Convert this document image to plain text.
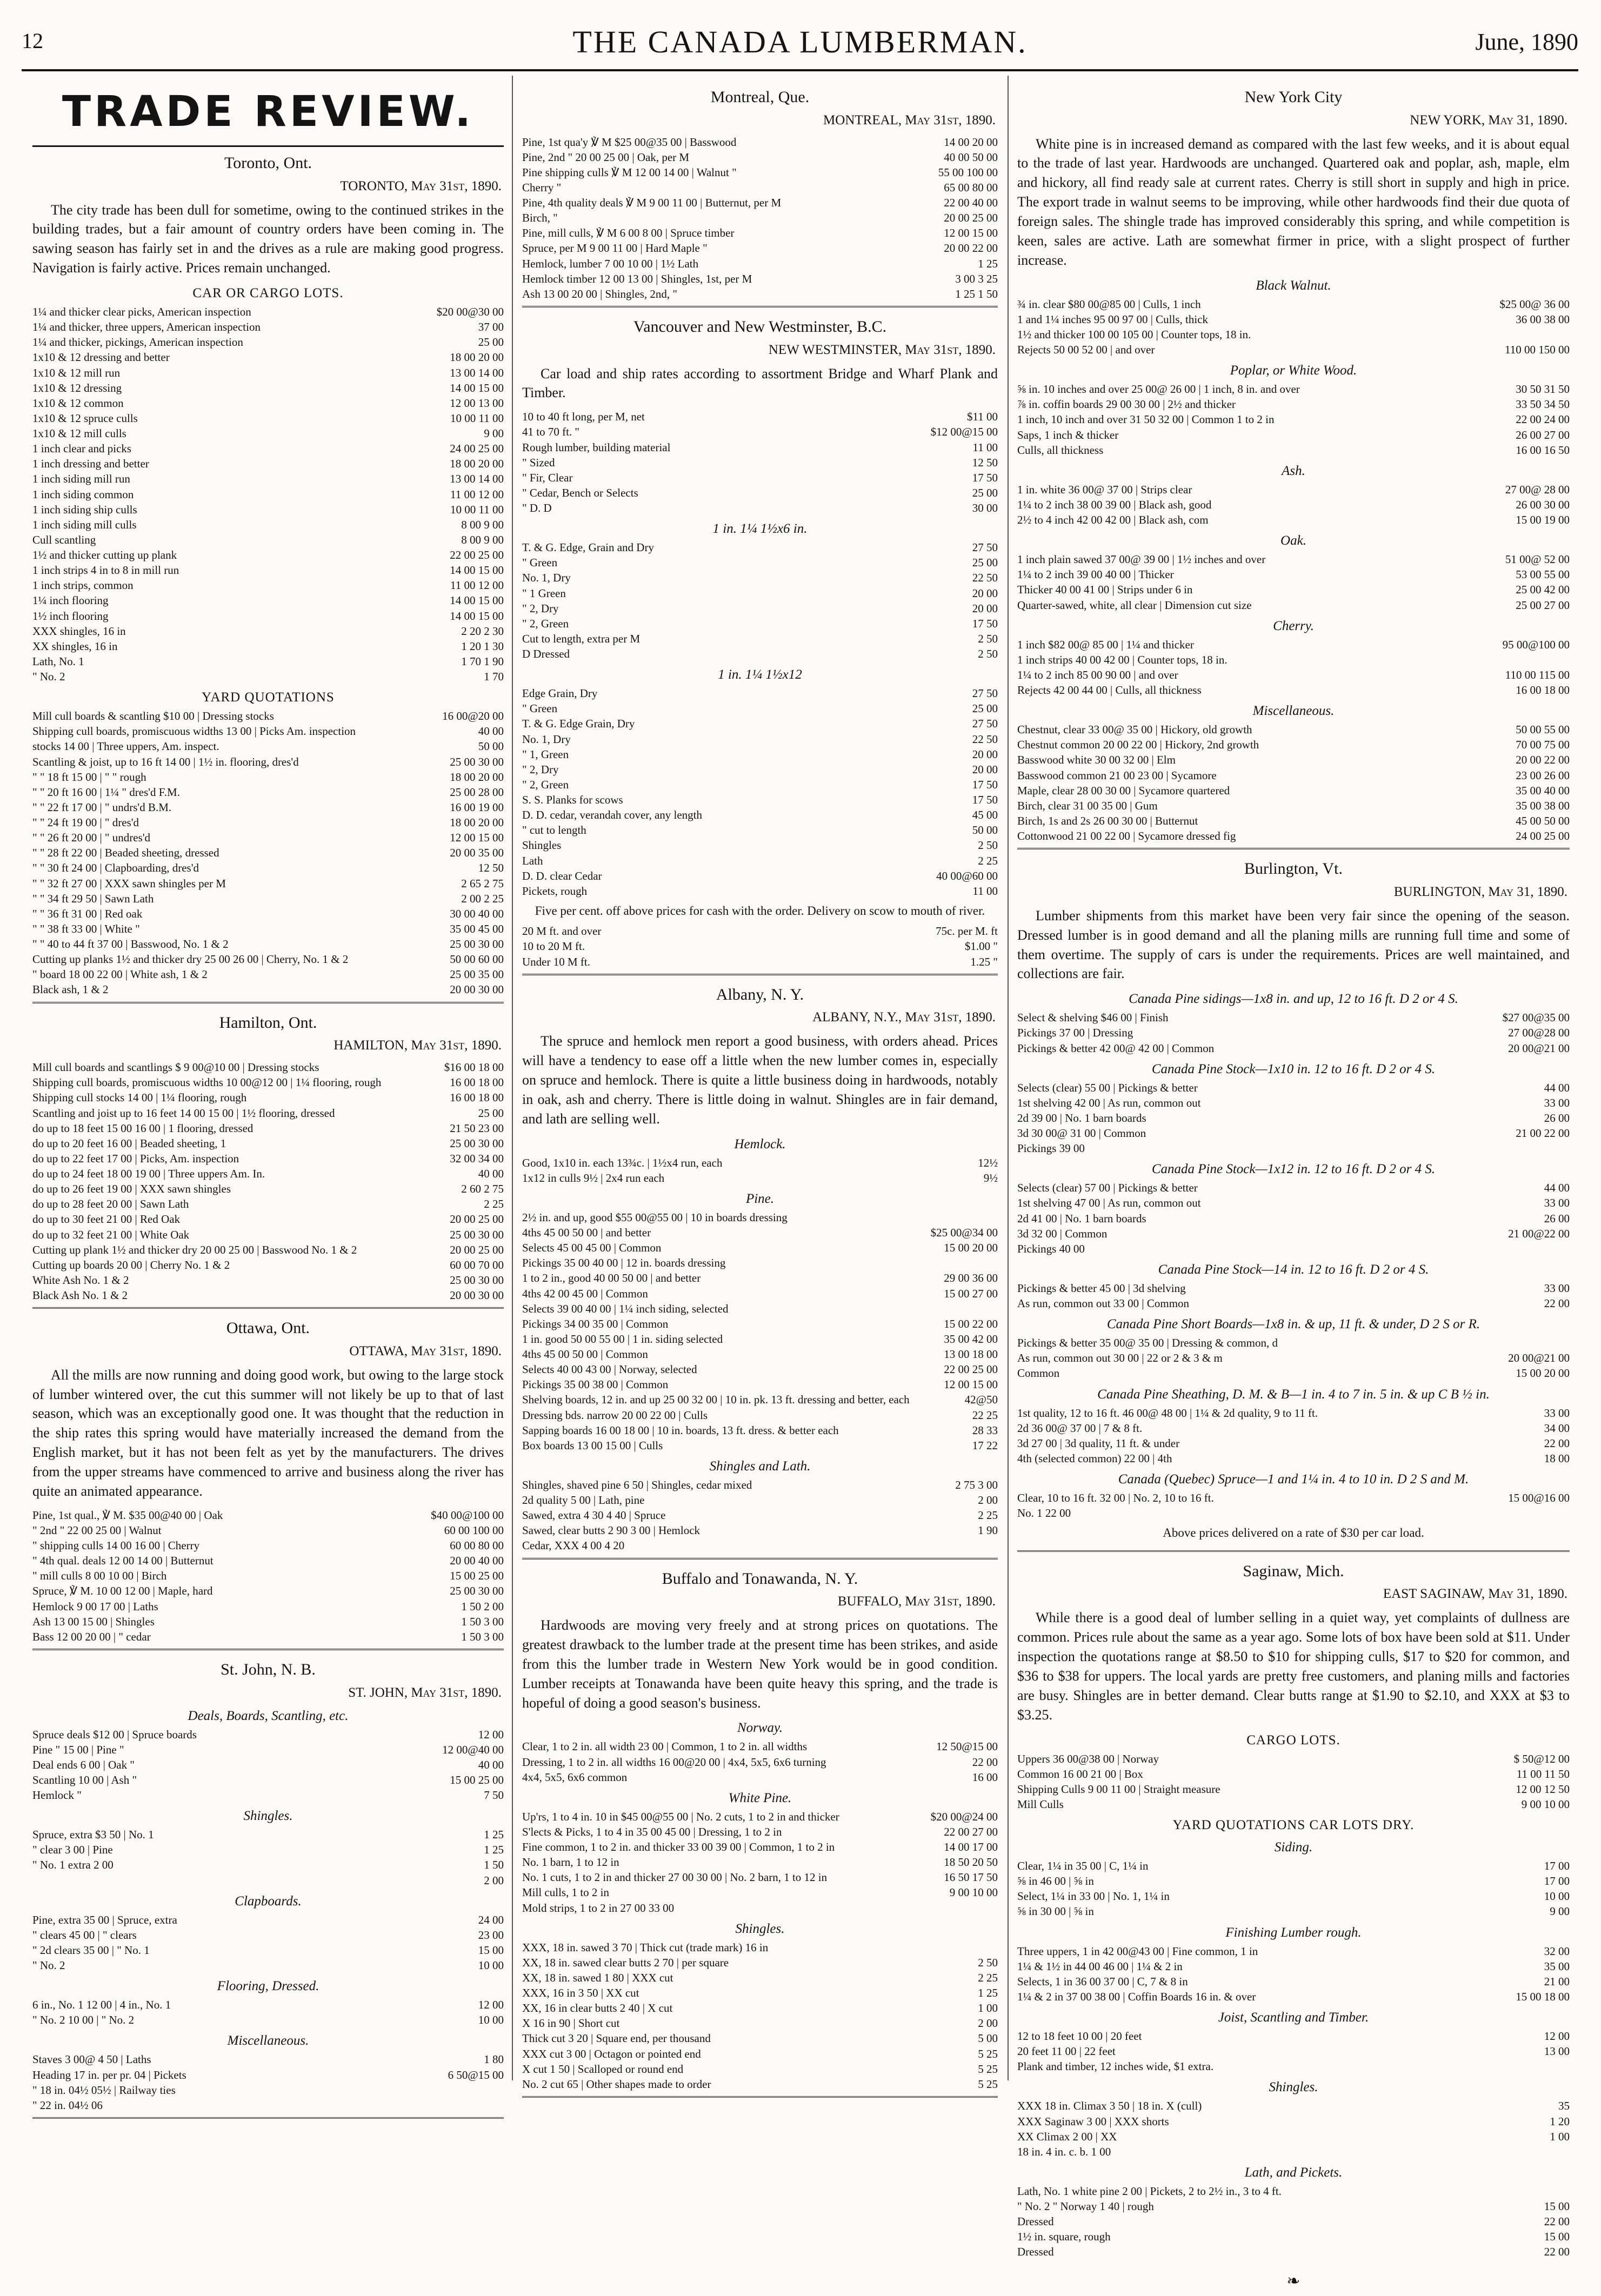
12	THE CANADA LUMBERMAN.	June, 1890
TRADE REVIEW.
Toronto, Ont.
TORONTO, May 31st, 1890.

The city trade has been dull for sometime, owing to the continued strikes in the building trades, but a fair amount of country orders have been coming in. The sawing season has fairly set in and the drives as a rule are making good progress. Navigation is fairly active. Prices remain unchanged.

CAR OR CARGO LOTS.
1¼ and thicker clear picks, American inspection	$20 00@30 00
1¼ and thicker, three uppers, American inspection	37 00
1¼ and thicker, pickings, American inspection	25 00
1x10 & 12 dressing and better	18 00 20 00
1x10 & 12 mill run	13 00 14 00
1x10 & 12 dressing	14 00 15 00
1x10 & 12 common	12 00 13 00
1x10 & 12 spruce culls	10 00 11 00
1x10 & 12 mill culls	9 00
1 inch clear and picks	24 00 25 00
1 inch dressing and better	18 00 20 00
1 inch siding mill run	13 00 14 00
1 inch siding common	11 00 12 00
1 inch siding ship culls	10 00 11 00
1 inch siding mill culls	8 00 9 00
Cull scantling	8 00 9 00
1½ and thicker cutting up plank	22 00 25 00
1 inch strips 4 in to 8 in mill run	14 00 15 00
1 inch strips, common	11 00 12 00
1¼ inch flooring	14 00 15 00
1½ inch flooring	14 00 15 00
XXX shingles, 16 in	2 20 2 30
XX shingles, 16 in	1 20 1 30
Lath, No. 1	1 70 1 90
" No. 2	1 70
YARD QUOTATIONS
Mill cull boards & scantling $10 00 | Dressing stocks	16 00@20 00
Shipping cull boards, promiscuous widths 13 00 | Picks Am. inspection	40 00
stocks 14 00 | Three uppers, Am. inspect.	50 00
Scantling & joist, up to 16 ft 14 00 | 1½ in. flooring, dres'd	25 00 30 00
" " 18 ft 15 00 | " " rough	18 00 20 00
" " 20 ft 16 00 | 1¼ " dres'd F.M.	25 00 28 00
" " 22 ft 17 00 | " undrs'd B.M.	16 00 19 00
" " 24 ft 19 00 | " dres'd	18 00 20 00
" " 26 ft 20 00 | " undres'd	12 00 15 00
" " 28 ft 22 00 | Beaded sheeting, dressed	20 00 35 00
" " 30 ft 24 00 | Clapboarding, dres'd	12 50
" " 32 ft 27 00 | XXX sawn shingles per M	2 65 2 75
" " 34 ft 29 50 | Sawn Lath	2 00 2 25
" " 36 ft 31 00 | Red oak	30 00 40 00
" " 38 ft 33 00 | White "	35 00 45 00
" " 40 to 44 ft 37 00 | Basswood, No. 1 & 2	25 00 30 00
Cutting up planks 1½ and thicker dry 25 00 26 00 | Cherry, No. 1 & 2	50 00 60 00
" board 18 00 22 00 | White ash, 1 & 2	25 00 35 00
Black ash, 1 & 2	20 00 30 00
Hamilton, Ont.
HAMILTON, May 31st, 1890.
Mill cull boards and scantlings $ 9 00@10 00 | Dressing stocks	$16 00 18 00
Shipping cull boards, promiscuous widths 10 00@12 00 | 1¼ flooring, rough	16 00 18 00
Shipping cull stocks 14 00 | 1¼ flooring, rough	16 00 18 00
Scantling and joist up to 16 feet 14 00 15 00 | 1½ flooring, dressed	25 00
do up to 18 feet 15 00 16 00 | 1 flooring, dressed	21 50 23 00
do up to 20 feet 16 00 | Beaded sheeting, 1	25 00 30 00
do up to 22 feet 17 00 | Picks, Am. inspection	32 00 34 00
do up to 24 feet 18 00 19 00 | Three uppers Am. In.	40 00
do up to 26 feet 19 00 | XXX sawn shingles	2 60 2 75
do up to 28 feet 20 00 | Sawn Lath	2 25
do up to 30 feet 21 00 | Red Oak	20 00 25 00
do up to 32 feet 21 00 | White Oak	25 00 30 00
Cutting up plank 1½ and thicker dry 20 00 25 00 | Basswood No. 1 & 2	20 00 25 00
Cutting up boards 20 00 | Cherry No. 1 & 2	60 00 70 00
White Ash No. 1 & 2	25 00 30 00
Black Ash No. 1 & 2	20 00 30 00
Ottawa, Ont.
OTTAWA, May 31st, 1890.

All the mills are now running and doing good work, but owing to the large stock of lumber wintered over, the cut this summer will not likely be up to that of last season, which was an exceptionally good one. It was thought that the reduction in the ship rates this spring would have materially increased the demand from the English market, but it has not been felt as yet by the manufacturers. The drives from the upper streams have commenced to arrive and business along the river has quite an animated appearance.

Pine, 1st qual., ℣ M. $35 00@40 00 | Oak	$40 00@100 00
" 2nd " 22 00 25 00 | Walnut	60 00 100 00
" shipping culls 14 00 16 00 | Cherry	60 00 80 00
" 4th qual. deals 12 00 14 00 | Butternut	20 00 40 00
" mill culls 8 00 10 00 | Birch	15 00 25 00
Spruce, ℣ M. 10 00 12 00 | Maple, hard	25 00 30 00
Hemlock 9 00 17 00 | Laths	1 50 2 00
Ash 13 00 15 00 | Shingles	1 50 3 00
Bass 12 00 20 00 | " cedar	1 50 3 00
St. John, N. B.
ST. JOHN, May 31st, 1890.
Deals, Boards, Scantling, etc.
Spruce deals $12 00 | Spruce boards	12 00
Pine " 15 00 | Pine "	12 00@40 00
Deal ends 6 00 | Oak "	40 00
Scantling 10 00 | Ash "	15 00 25 00
Hemlock "	7 50
Shingles.
Spruce, extra $3 50 | No. 1	1 25
" clear 3 00 | Pine	1 25
" No. 1 extra 2 00	1 50
2 00
Clapboards.
Pine, extra 35 00 | Spruce, extra	24 00
" clears 45 00 | " clears	23 00
" 2d clears 35 00 | " No. 1	15 00
" No. 2	10 00
Flooring, Dressed.
6 in., No. 1 12 00 | 4 in., No. 1	12 00
" No. 2 10 00 | " No. 2	10 00
Miscellaneous.
Staves 3 00@ 4 50 | Laths	1 80
Heading 17 in. per pr. 04 | Pickets	6 50@15 00
" 18 in. 04½ 05½ | Railway ties
" 22 in. 04½ 06
Montreal, Que.
MONTREAL, May 31st, 1890.
Pine, 1st qua'y ℣ M $25 00@35 00 | Basswood	14 00 20 00
Pine, 2nd " 20 00 25 00 | Oak, per M	40 00 50 00
Pine shipping culls ℣ M 12 00 14 00 | Walnut "	55 00 100 00
Cherry "	65 00 80 00
Pine, 4th quality deals ℣ M 9 00 11 00 | Butternut, per M	22 00 40 00
Birch, "	20 00 25 00
Pine, mill culls, ℣ M 6 00 8 00 | Spruce timber	12 00 15 00
Spruce, per M 9 00 11 00 | Hard Maple "	20 00 22 00
Hemlock, lumber 7 00 10 00 | 1½ Lath	1 25
Hemlock timber 12 00 13 00 | Shingles, 1st, per M	3 00 3 25
Ash 13 00 20 00 | Shingles, 2nd, "	1 25 1 50
Vancouver and New Westminster, B.C.
NEW WESTMINSTER, May 31st, 1890.

Car load and ship rates according to assortment Bridge and Wharf Plank and Timber.

10 to 40 ft long, per M, net	$11 00
41 to 70 ft. "	$12 00@15 00
Rough lumber, building material	11 00
" Sized	12 50
" Fir, Clear	17 50
" Cedar, Bench or Selects	25 00
" D. D	30 00
1 in. 1¼ 1½x6 in.
T. & G. Edge, Grain and Dry	27 50
" Green	25 00
No. 1, Dry	22 50
" 1 Green	20 00
" 2, Dry	20 00
" 2, Green	17 50
Cut to length, extra per M	2 50
D Dressed	2 50
1 in. 1¼ 1½x12
Edge Grain, Dry	27 50
" Green	25 00
T. & G. Edge Grain, Dry	27 50
No. 1, Dry	22 50
" 1, Green	20 00
" 2, Dry	20 00
" 2, Green	17 50
S. S. Planks for scows	17 50
D. D. cedar, verandah cover, any length	45 00
" cut to length	50 00
Shingles	2 50
Lath	2 25
D. D. clear Cedar	40 00@60 00
Pickets, rough	11 00
Five per cent. off above prices for cash with the order. Delivery on scow to mouth of river.
20 M ft. and over	75c. per M. ft
10 to 20 M ft.	$1.00 "
Under 10 M ft.	1.25 "
Albany, N. Y.
ALBANY, N.Y., May 31st, 1890.

The spruce and hemlock men report a good business, with orders ahead. Prices will have a tendency to ease off a little when the new lumber comes in, especially on spruce and hemlock. There is quite a little business doing in hardwoods, notably in oak, ash and cherry. There is little doing in walnut. Shingles are in fair demand, and lath are selling well.

Hemlock.
Good, 1x10 in. each 13¾c. | 1½x4 run, each	12½
1x12 in culls 9½ | 2x4 run each	9½
Pine.
2½ in. and up, good $55 00@55 00 | 10 in boards dressing
4ths 45 00 50 00 | and better	$25 00@34 00
Selects 45 00 45 00 | Common	15 00 20 00
Pickings 35 00 40 00 | 12 in. boards dressing
1 to 2 in., good 40 00 50 00 | and better	29 00 36 00
4ths 42 00 45 00 | Common	15 00 27 00
Selects 39 00 40 00 | 1¼ inch siding, selected
Pickings 34 00 35 00 | Common	15 00 22 00
1 in. good 50 00 55 00 | 1 in. siding selected	35 00 42 00
4ths 45 00 50 00 | Common	13 00 18 00
Selects 40 00 43 00 | Norway, selected	22 00 25 00
Pickings 35 00 38 00 | Common	12 00 15 00
Shelving boards, 12 in. and up 25 00 32 00 | 10 in. pk. 13 ft. dressing and better, each	42@50
Dressing bds. narrow 20 00 22 00 | Culls	22 25
Sapping boards 16 00 18 00 | 10 in. boards, 13 ft. dress. & better each	28 33
Box boards 13 00 15 00 | Culls	17 22
Shingles and Lath.
Shingles, shaved pine 6 50 | Shingles, cedar mixed	2 75 3 00
2d quality 5 00 | Lath, pine	2 00
Sawed, extra 4 30 4 40 | Spruce	2 25
Sawed, clear butts 2 90 3 00 | Hemlock	1 90
Cedar, XXX 4 00 4 20
Buffalo and Tonawanda, N. Y.
BUFFALO, May 31st, 1890.

Hardwoods are moving very freely and at strong prices on quotations. The greatest drawback to the lumber trade at the present time has been strikes, and aside from this the lumber trade in Western New York would be in good condition. Lumber receipts at Tonawanda have been quite heavy this spring, and the trade is hopeful of doing a good season's business.

Norway.
Clear, 1 to 2 in. all width 23 00 | Common, 1 to 2 in. all widths	12 50@15 00
Dressing, 1 to 2 in. all widths 16 00@20 00 | 4x4, 5x5, 6x6 turning	22 00
4x4, 5x5, 6x6 common	16 00
White Pine.
Up'rs, 1 to 4 in. 10 in $45 00@55 00 | No. 2 cuts, 1 to 2 in and thicker	$20 00@24 00
S'lects & Picks, 1 to 4 in 35 00 45 00 | Dressing, 1 to 2 in	22 00 27 00
Fine common, 1 to 2 in. and thicker 33 00 39 00 | Common, 1 to 2 in	14 00 17 00
No. 1 barn, 1 to 12 in	18 50 20 50
No. 1 cuts, 1 to 2 in and thicker 27 00 30 00 | No. 2 barn, 1 to 12 in	16 50 17 50
Mill culls, 1 to 2 in	9 00 10 00
Mold strips, 1 to 2 in 27 00 33 00
Shingles.
XXX, 18 in. sawed 3 70 | Thick cut (trade mark) 16 in
XX, 18 in. sawed clear butts 2 70 | per square	2 50
XX, 18 in. sawed 1 80 | XXX cut	2 25
XXX, 16 in 3 50 | XX cut	1 25
XX, 16 in clear butts 2 40 | X cut	1 00
X 16 in 90 | Short cut	2 00
Thick cut 3 20 | Square end, per thousand	5 00
XXX cut 3 00 | Octagon or pointed end	5 25
X cut 1 50 | Scalloped or round end	5 25
No. 2 cut 65 | Other shapes made to order	5 25
New York City
NEW YORK, May 31, 1890.

White pine is in increased demand as compared with the last few weeks, and it is about equal to the trade of last year. Hardwoods are unchanged. Quartered oak and poplar, ash, maple, elm and hickory, all find ready sale at current rates. Cherry is still short in supply and high in price. The export trade in walnut seems to be improving, while other hardwoods find their due quota of foreign sales. The shingle trade has improved considerably this spring, and while competition is keen, sales are active. Lath are somewhat firmer in price, with a slight prospect of further increase.

Black Walnut.
¾ in. clear $80 00@85 00 | Culls, 1 inch	$25 00@ 36 00
1 and 1¼ inches 95 00 97 00 | Culls, thick	36 00 38 00
1½ and thicker 100 00 105 00 | Counter tops, 18 in.
Rejects 50 00 52 00 | and over	110 00 150 00
Poplar, or White Wood.
⅝ in. 10 inches and over 25 00@ 26 00 | 1 inch, 8 in. and over	30 50 31 50
⅞ in. coffin boards 29 00 30 00 | 2½ and thicker	33 50 34 50
1 inch, 10 inch and over 31 50 32 00 | Common 1 to 2 in	22 00 24 00
Saps, 1 inch & thicker	26 00 27 00
Culls, all thickness	16 00 16 50
Ash.
1 in. white 36 00@ 37 00 | Strips clear	27 00@ 28 00
1¼ to 2 inch 38 00 39 00 | Black ash, good	26 00 30 00
2½ to 4 inch 42 00 42 00 | Black ash, com	15 00 19 00
Oak.
1 inch plain sawed 37 00@ 39 00 | 1½ inches and over	51 00@ 52 00
1¼ to 2 inch 39 00 40 00 | Thicker	53 00 55 00
Thicker 40 00 41 00 | Strips under 6 in	25 00 42 00
Quarter-sawed, white, all clear | Dimension cut size	25 00 27 00
Cherry.
1 inch $82 00@ 85 00 | 1¼ and thicker	95 00@100 00
1 inch strips 40 00 42 00 | Counter tops, 18 in.
1¼ to 2 inch 85 00 90 00 | and over	110 00 115 00
Rejects 42 00 44 00 | Culls, all thickness	16 00 18 00
Miscellaneous.
Chestnut, clear 33 00@ 35 00 | Hickory, old growth	50 00 55 00
Chestnut common 20 00 22 00 | Hickory, 2nd growth	70 00 75 00
Basswood white 30 00 32 00 | Elm	20 00 22 00
Basswood common 21 00 23 00 | Sycamore	23 00 26 00
Maple, clear 28 00 30 00 | Sycamore quartered	35 00 40 00
Birch, clear 31 00 35 00 | Gum	35 00 38 00
Birch, 1s and 2s 26 00 30 00 | Butternut	45 00 50 00
Cottonwood 21 00 22 00 | Sycamore dressed fig	24 00 25 00
Burlington, Vt.
BURLINGTON, May 31, 1890.

Lumber shipments from this market have been very fair since the opening of the season. Dressed lumber is in good demand and all the planing mills are running full time and some of them overtime. The supply of cars is under the requirements. Prices are well maintained, and collections are fair.

Canada Pine sidings—1x8 in. and up, 12 to 16 ft. D 2 or 4 S.
Select & shelving $46 00 | Finish	$27 00@35 00
Pickings 37 00 | Dressing	27 00@28 00
Pickings & better 42 00@ 42 00 | Common	20 00@21 00
Canada Pine Stock—1x10 in. 12 to 16 ft. D 2 or 4 S.
Selects (clear) 55 00 | Pickings & better	44 00
1st shelving 42 00 | As run, common out	33 00
2d 39 00 | No. 1 barn boards	26 00
3d 30 00@ 31 00 | Common	21 00 22 00
Pickings 39 00
Canada Pine Stock—1x12 in. 12 to 16 ft. D 2 or 4 S.
Selects (clear) 57 00 | Pickings & better	44 00
1st shelving 47 00 | As run, common out	33 00
2d 41 00 | No. 1 barn boards	26 00
3d 32 00 | Common	21 00@22 00
Pickings 40 00
Canada Pine Stock—14 in. 12 to 16 ft. D 2 or 4 S.
Pickings & better 45 00 | 3d shelving	33 00
As run, common out 33 00 | Common	22 00
Canada Pine Short Boards—1x8 in. & up, 11 ft. & under, D 2 S or R.
Pickings & better 35 00@ 35 00 | Dressing & common, d
As run, common out 30 00 | 22 or 2 & 3 & m	20 00@21 00
Common	15 00 20 00
Canada Pine Sheathing, D. M. & B—1 in. 4 to 7 in. 5 in. & up C B ½ in.
1st quality, 12 to 16 ft. 46 00@ 48 00 | 1¼ & 2d quality, 9 to 11 ft.	33 00
2d 36 00@ 37 00 | 7 & 8 ft.	34 00
3d 27 00 | 3d quality, 11 ft. & under	22 00
4th (selected common) 22 00 | 4th	18 00
Canada (Quebec) Spruce—1 and 1¼ in. 4 to 10 in. D 2 S and M.
Clear, 10 to 16 ft. 32 00 | No. 2, 10 to 16 ft.	15 00@16 00
No. 1 22 00
Above prices delivered on a rate of $30 per car load.
Saginaw, Mich.
EAST SAGINAW, May 31, 1890.

While there is a good deal of lumber selling in a quiet way, yet complaints of dullness are common. Prices rule about the same as a year ago. Some lots of box have been sold at $11. Under inspection the quotations range at $8.50 to $10 for shipping culls, $17 to $20 for common, and $36 to $38 for uppers. The local yards are pretty free customers, and planing mills and factories are busy. Shingles are in better demand. Clear butts range at $1.90 to $2.10, and XXX at $3 to $3.25.

CARGO LOTS.
Uppers 36 00@38 00 | Norway	$ 50@12 00
Common 16 00 21 00 | Box	11 00 11 50
Shipping Culls 9 00 11 00 | Straight measure	12 00 12 50
Mill Culls	9 00 10 00
YARD QUOTATIONS CAR LOTS DRY.
Siding.
Clear, 1¼ in 35 00 | C, 1¼ in	17 00
⅝ in 46 00 | ⅝ in	17 00
Select, 1¼ in 33 00 | No. 1, 1¼ in	10 00
⅝ in 30 00 | ⅝ in	9 00
Finishing Lumber rough.
Three uppers, 1 in 42 00@43 00 | Fine common, 1 in	32 00
1¼ & 1½ in 44 00 46 00 | 1¼ & 2 in	35 00
Selects, 1 in 36 00 37 00 | C, 7 & 8 in	21 00
1¼ & 2 in 37 00 38 00 | Coffin Boards 16 in. & over	15 00 18 00
Joist, Scantling and Timber.
12 to 18 feet 10 00 | 20 feet	12 00
20 feet 11 00 | 22 feet	13 00
Plank and timber, 12 inches wide, $1 extra.
Shingles.
XXX 18 in. Climax 3 50 | 18 in. X (cull)	35
XXX Saginaw 3 00 | XXX shorts	1 20
XX Climax 2 00 | XX	1 00
18 in. 4 in. c. b. 1 00
Lath, and Pickets.
Lath, No. 1 white pine 2 00 | Pickets, 2 to 2½ in., 3 to 4 ft.
" No. 2 " Norway 1 40 | rough	15 00
Dressed	22 00
1½ in. square, rough	15 00
Dressed	22 00
❧
